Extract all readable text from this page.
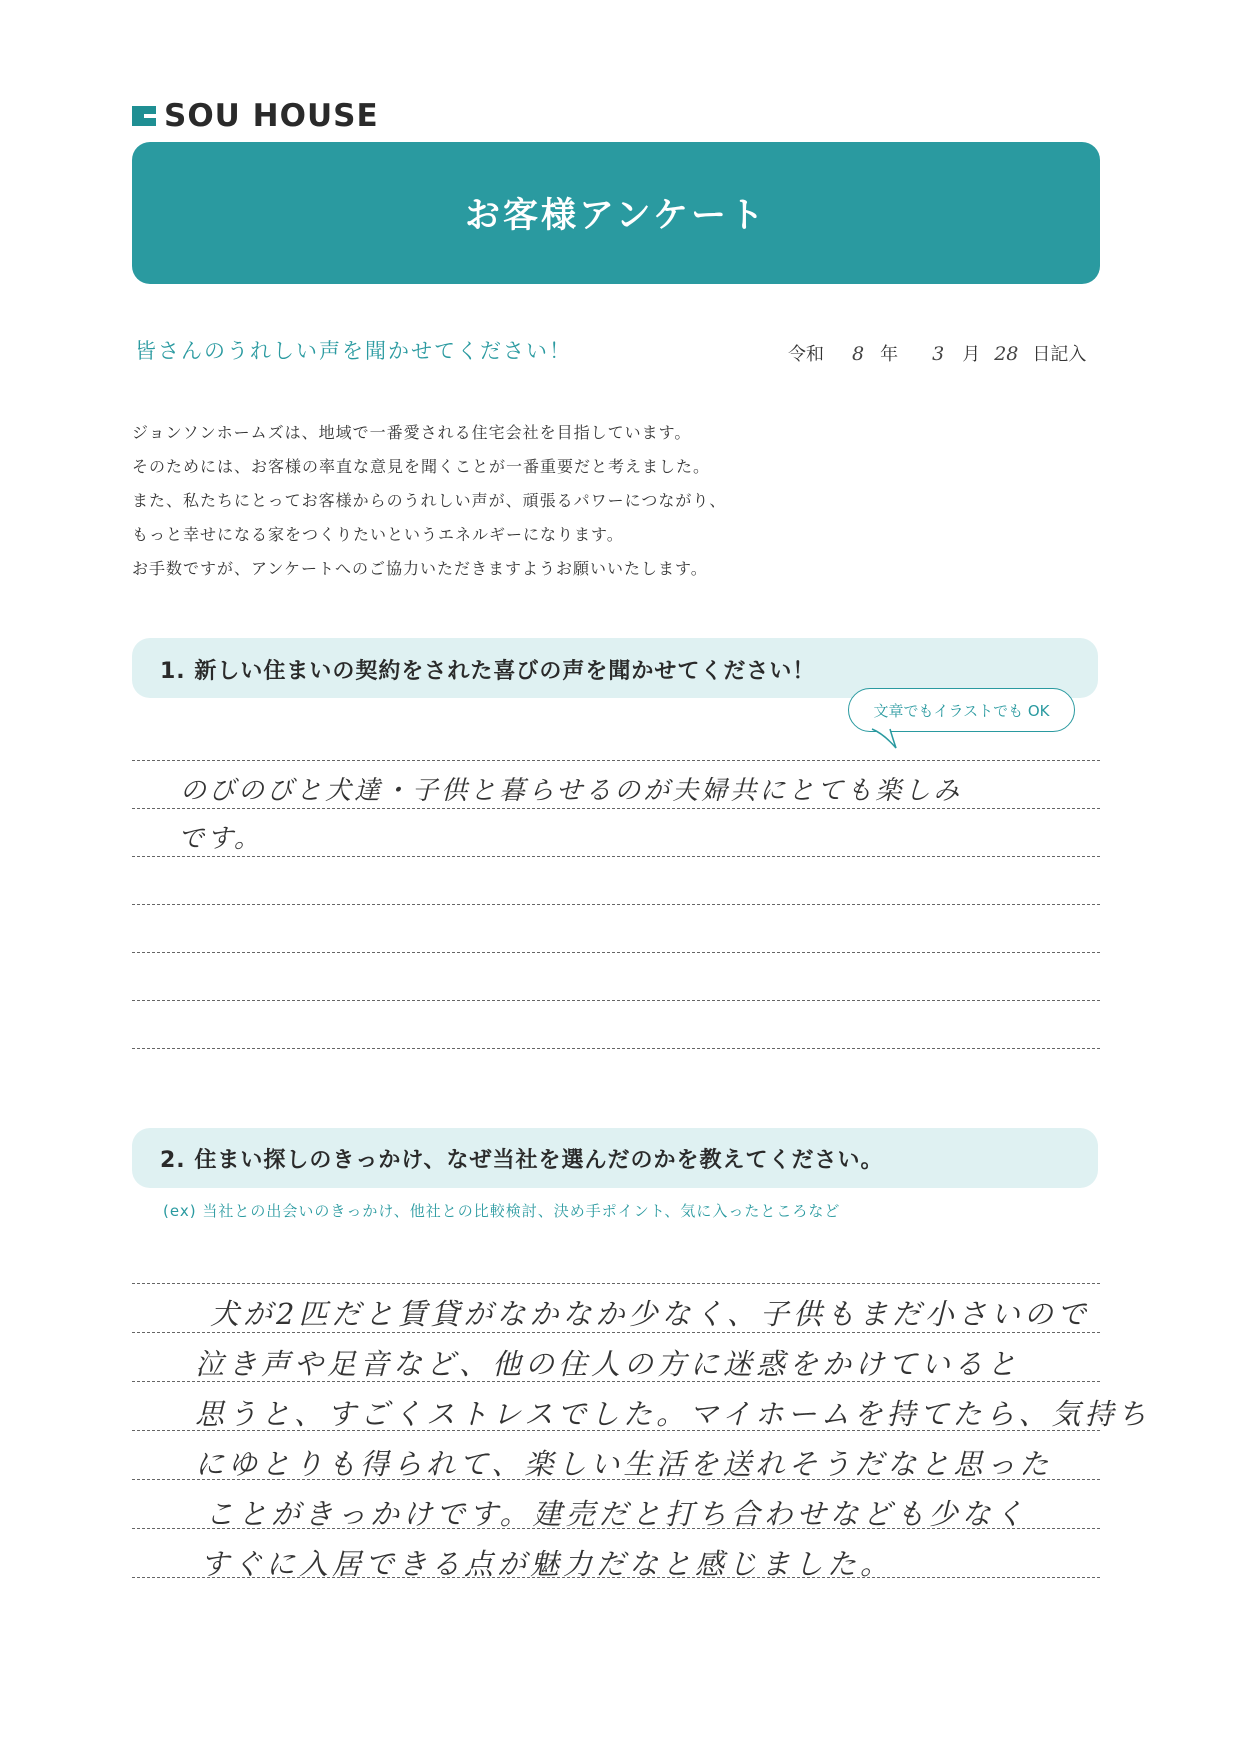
SOU HOUSE
お客様アンケート
皆さんのうれしい声を聞かせてください！	令和 8 年 3 月 28 日記入
ジョンソンホームズは、地域で一番愛される住宅会社を目指しています。
そのためには、お客様の率直な意見を聞くことが一番重要だと考えました。
また、私たちにとってお客様からのうれしい声が、頑張るパワーにつながり、
もっと幸せになる家をつくりたいというエネルギーになります。
お手数ですが、アンケートへのご協力いただきますようお願いいたします。
1. 新しい住まいの契約をされた喜びの声を聞かせてください！
文章でもイラストでも OK
のびのびと犬達・子供と暮らせるのが夫婦共にとても楽しみ
です。
2. 住まい探しのきっかけ、なぜ当社を選んだのかを教えてください。
(ex) 当社との出会いのきっかけ、他社との比較検討、決め手ポイント、気に入ったところなど
犬が2匹だと賃貸がなかなか少なく、子供もまだ小さいので
泣き声や足音など、他の住人の方に迷惑をかけていると
思うと、すごくストレスでした。マイホームを持てたら、気持ち
にゆとりも得られて、楽しい生活を送れそうだなと思った
ことがきっかけです。建売だと打ち合わせなども少なく
すぐに入居できる点が魅力だなと感じました。
